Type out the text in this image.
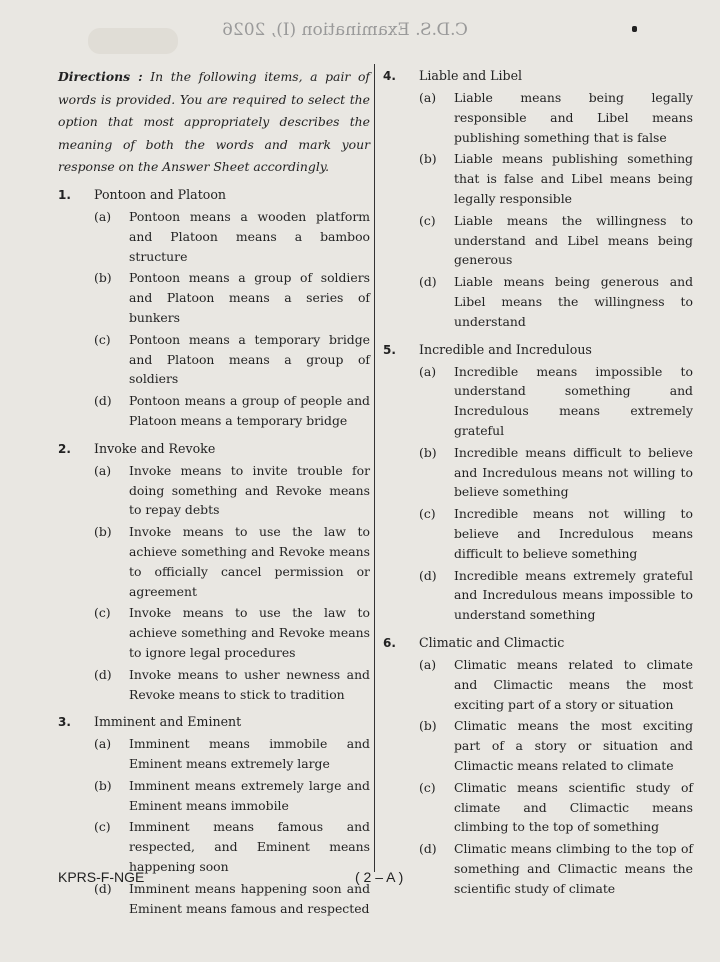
C.D.S. Examination (I), 2026

Directions : In the following items, a pair of words is provided. You are required to select the option that most appropriately describes the meaning of both the words and mark your response on the Answer Sheet accordingly.

1.	Pontoon and Platoon
(a)	Pontoon means a wooden platform and Platoon means a bamboo structure
(b)	Pontoon means a group of soldiers and Platoon means a series of bunkers
(c)	Pontoon means a temporary bridge and Platoon means a group of soldiers
(d)	Pontoon means a group of people and Platoon means a temporary bridge
2.	Invoke and Revoke
(a)	Invoke means to invite trouble for doing something and Revoke means to repay debts
(b)	Invoke means to use the law to achieve something and Revoke means to officially cancel permission or agreement
(c)	Invoke means to use the law to achieve something and Revoke means to ignore legal procedures
(d)	Invoke means to usher newness and Revoke means to stick to tradition
3.	Imminent and Eminent
(a)	Imminent means immobile and Eminent means extremely large
(b)	Imminent means extremely large and Eminent means immobile
(c)	Imminent means famous and respected, and Eminent means happening soon
(d)	Imminent means happening soon and Eminent means famous and respected
4.	Liable and Libel
(a)	Liable means being legally responsible and Libel means publishing something that is false
(b)	Liable means publishing something that is false and Libel means being legally responsible
(c)	Liable means the willingness to understand and Libel means being generous
(d)	Liable means being generous and Libel means the willingness to understand
5.	Incredible and Incredulous
(a)	Incredible means impossible to understand something and Incredulous means extremely grateful
(b)	Incredible means difficult to believe and Incredulous means not willing to believe something
(c)	Incredible means not willing to believe and Incredulous means difficult to believe something
(d)	Incredible means extremely grateful and Incredulous means impossible to understand something
6.	Climatic and Climactic
(a)	Climatic means related to climate and Climactic means the most exciting part of a story or situation
(b)	Climatic means the most exciting part of a story or situation and Climactic means related to climate
(c)	Climatic means scientific study of climate and Climactic means climbing to the top of something
(d)	Climatic means climbing to the top of something and Climactic means the scientific study of climate
KPRS-F-NGE	( 2 – A )
